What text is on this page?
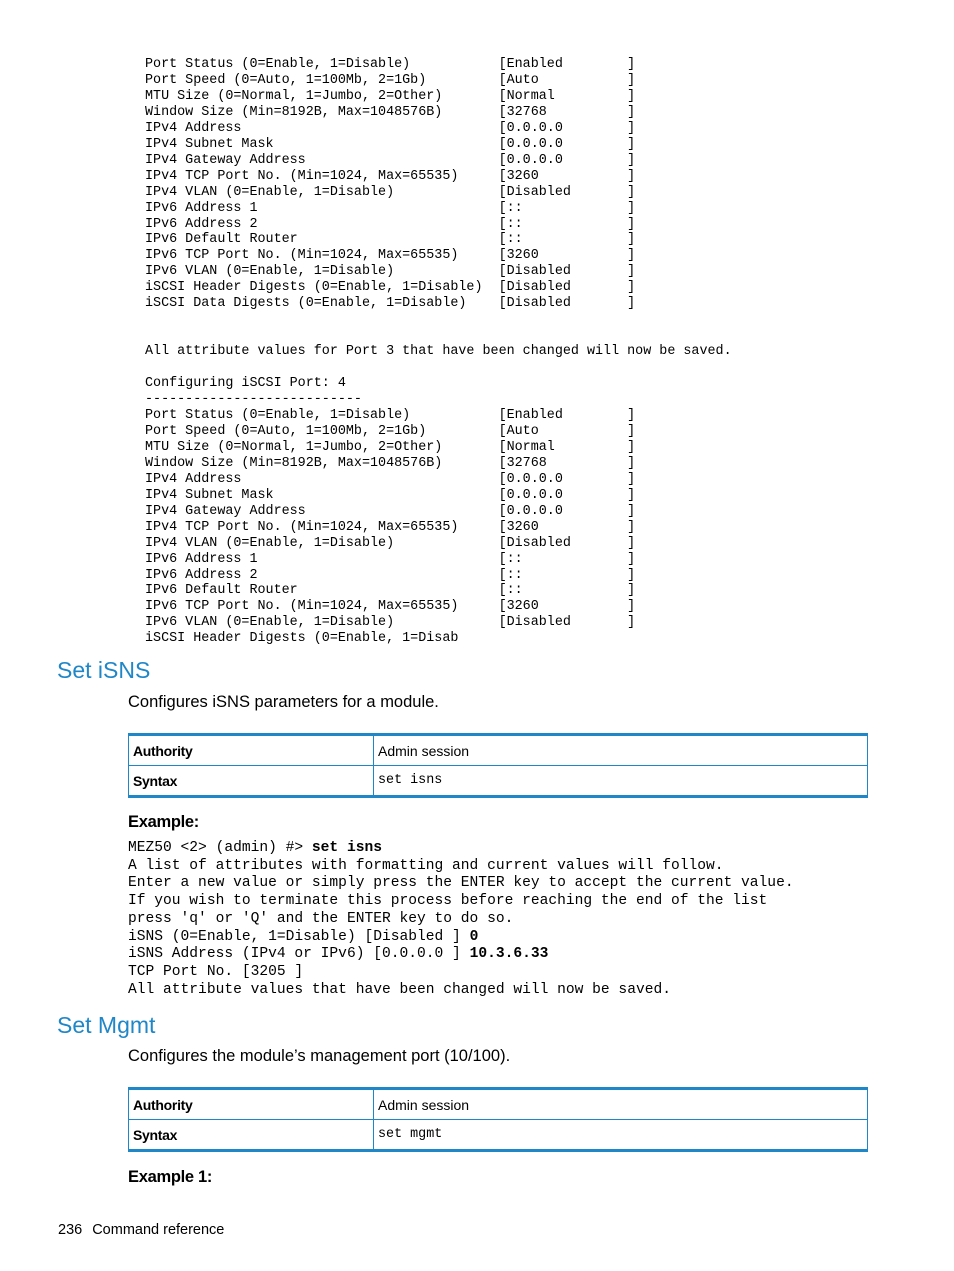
Port Status (0=Enable, 1=Disable)           [Enabled        ]
Port Speed (0=Auto, 1=100Mb, 2=1Gb)         [Auto           ]
MTU Size (0=Normal, 1=Jumbo, 2=Other)       [Normal         ]
Window Size (Min=8192B, Max=1048576B)       [32768          ]
IPv4 Address                                [0.0.0.0        ]
IPv4 Subnet Mask                            [0.0.0.0        ]
IPv4 Gateway Address                        [0.0.0.0        ]
IPv4 TCP Port No. (Min=1024, Max=65535)     [3260           ]
IPv4 VLAN (0=Enable, 1=Disable)             [Disabled       ]
IPv6 Address 1                              [::             ]
IPv6 Address 2                              [::             ]
IPv6 Default Router                         [::             ]
IPv6 TCP Port No. (Min=1024, Max=65535)     [3260           ]
IPv6 VLAN (0=Enable, 1=Disable)             [Disabled       ]
iSCSI Header Digests (0=Enable, 1=Disable)  [Disabled       ]
iSCSI Data Digests (0=Enable, 1=Disable)    [Disabled       ]

All attribute values for Port 3 that have been changed will now be saved.

Configuring iSCSI Port: 4
---------------------------
Port Status (0=Enable, 1=Disable)           [Enabled        ]
Port Speed (0=Auto, 1=100Mb, 2=1Gb)         [Auto           ]
MTU Size (0=Normal, 1=Jumbo, 2=Other)       [Normal         ]
Window Size (Min=8192B, Max=1048576B)       [32768          ]
IPv4 Address                                [0.0.0.0        ]
IPv4 Subnet Mask                            [0.0.0.0        ]
IPv4 Gateway Address                        [0.0.0.0        ]
IPv4 TCP Port No. (Min=1024, Max=65535)     [3260           ]
IPv4 VLAN (0=Enable, 1=Disable)             [Disabled       ]
IPv6 Address 1                              [::             ]
IPv6 Address 2                              [::             ]
IPv6 Default Router                         [::             ]
IPv6 TCP Port No. (Min=1024, Max=65535)     [3260           ]
IPv6 VLAN (0=Enable, 1=Disable)             [Disabled       ]
iSCSI Header Digests (0=Enable, 1=Disab
Set iSNS

Configures iSNS parameters for a module.

Authority	Admin session
Syntax	set isns

Example:

MEZ50 <2> (admin) #> set isns
A list of attributes with formatting and current values will follow.
Enter a new value or simply press the ENTER key to accept the current value.
If you wish to terminate this process before reaching the end of the list
press 'q' or 'Q' and the ENTER key to do so.
iSNS (0=Enable, 1=Disable) [Disabled ] 0
iSNS Address (IPv4 or IPv6) [0.0.0.0 ] 10.3.6.33
TCP Port No. [3205 ]
All attribute values that have been changed will now be saved.
Set Mgmt

Configures the module’s management port (10/100).

Authority	Admin session
Syntax	set mgmt

Example 1:

236 Command reference
